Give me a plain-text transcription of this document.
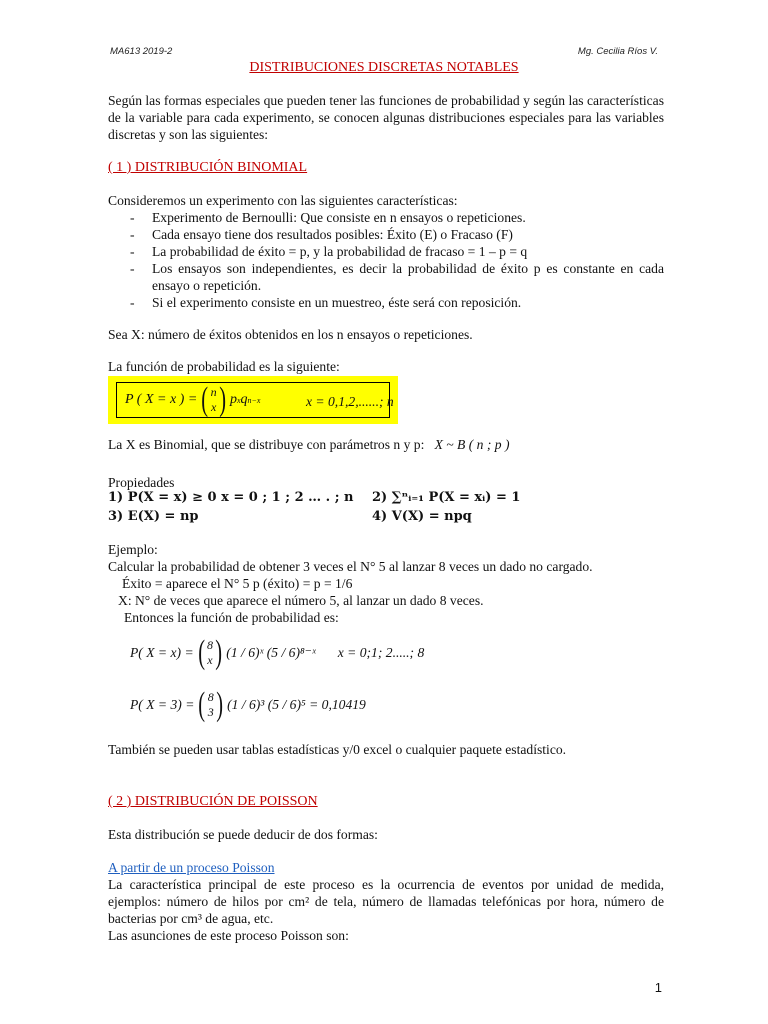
MA613 2019-2	Mg. Cecilia Ríos V.
DISTRIBUCIONES DISCRETAS NOTABLES
Según las formas especiales que pueden tener las funciones de probabilidad y según las características de la variable para cada experimento, se conocen algunas distribuciones especiales para las variables discretas y son las siguientes:
( 1 ) DISTRIBUCIÓN BINOMIAL
Consideremos un experimento con las siguientes características:
- Experimento de Bernoulli: Que consiste en n ensayos o repeticiones.
- Cada ensayo tiene dos resultados posibles: Éxito (E) o Fracaso (F)
- La probabilidad de éxito = p, y la probabilidad de fracaso = 1 – p = q
- Los ensayos son independientes, es decir la probabilidad de éxito p es constante en cada ensayo o repetición.
- Si el experimento consiste en un muestreo, éste será con reposición.
Sea X: número de éxitos obtenidos en los n ensayos o repeticiones.
La función de probabilidad es la siguiente:
P ( X = x ) = ( n
x ) p x q n−x	x = 0,1,2,......; n
La X es Binomial, que se distribuye con parámetros n y p: X ~ B ( n ; p )
Propiedades
1) P(X = x) ≥ 0 x = 0 ; 1 ; 2 … . ; n 2) ∑ⁿᵢ₌₁ P(X = xᵢ) = 1
3) E(X) = np	4) V(X) = npq
Ejemplo:
Calcular la probabilidad de obtener 3 veces el N° 5 al lanzar 8 veces un dado no cargado.
Éxito = aparece el N° 5 p (éxito) = p = 1/6
X: N° de veces que aparece el número 5, al lanzar un dado 8 veces.
Entonces la función de probabilidad es:
P( X = x) = ( 8
x ) (1 / 6)ˣ (5 / 6)⁸⁻ˣ x = 0;1; 2.....; 8
P( X = 3) = ( 8
3 ) (1 / 6)³ (5 / 6)⁵ = 0,10419
También se pueden usar tablas estadísticas y/0 excel o cualquier paquete estadístico.
( 2 ) DISTRIBUCIÓN DE POISSON
Esta distribución se puede deducir de dos formas:
A partir de un proceso Poisson
La característica principal de este proceso es la ocurrencia de eventos por unidad de medida, ejemplos: número de hilos por cm² de tela, número de llamadas telefónicas por hora, número de bacterias por cm³ de agua, etc.
Las asunciones de este proceso Poisson son:
1
